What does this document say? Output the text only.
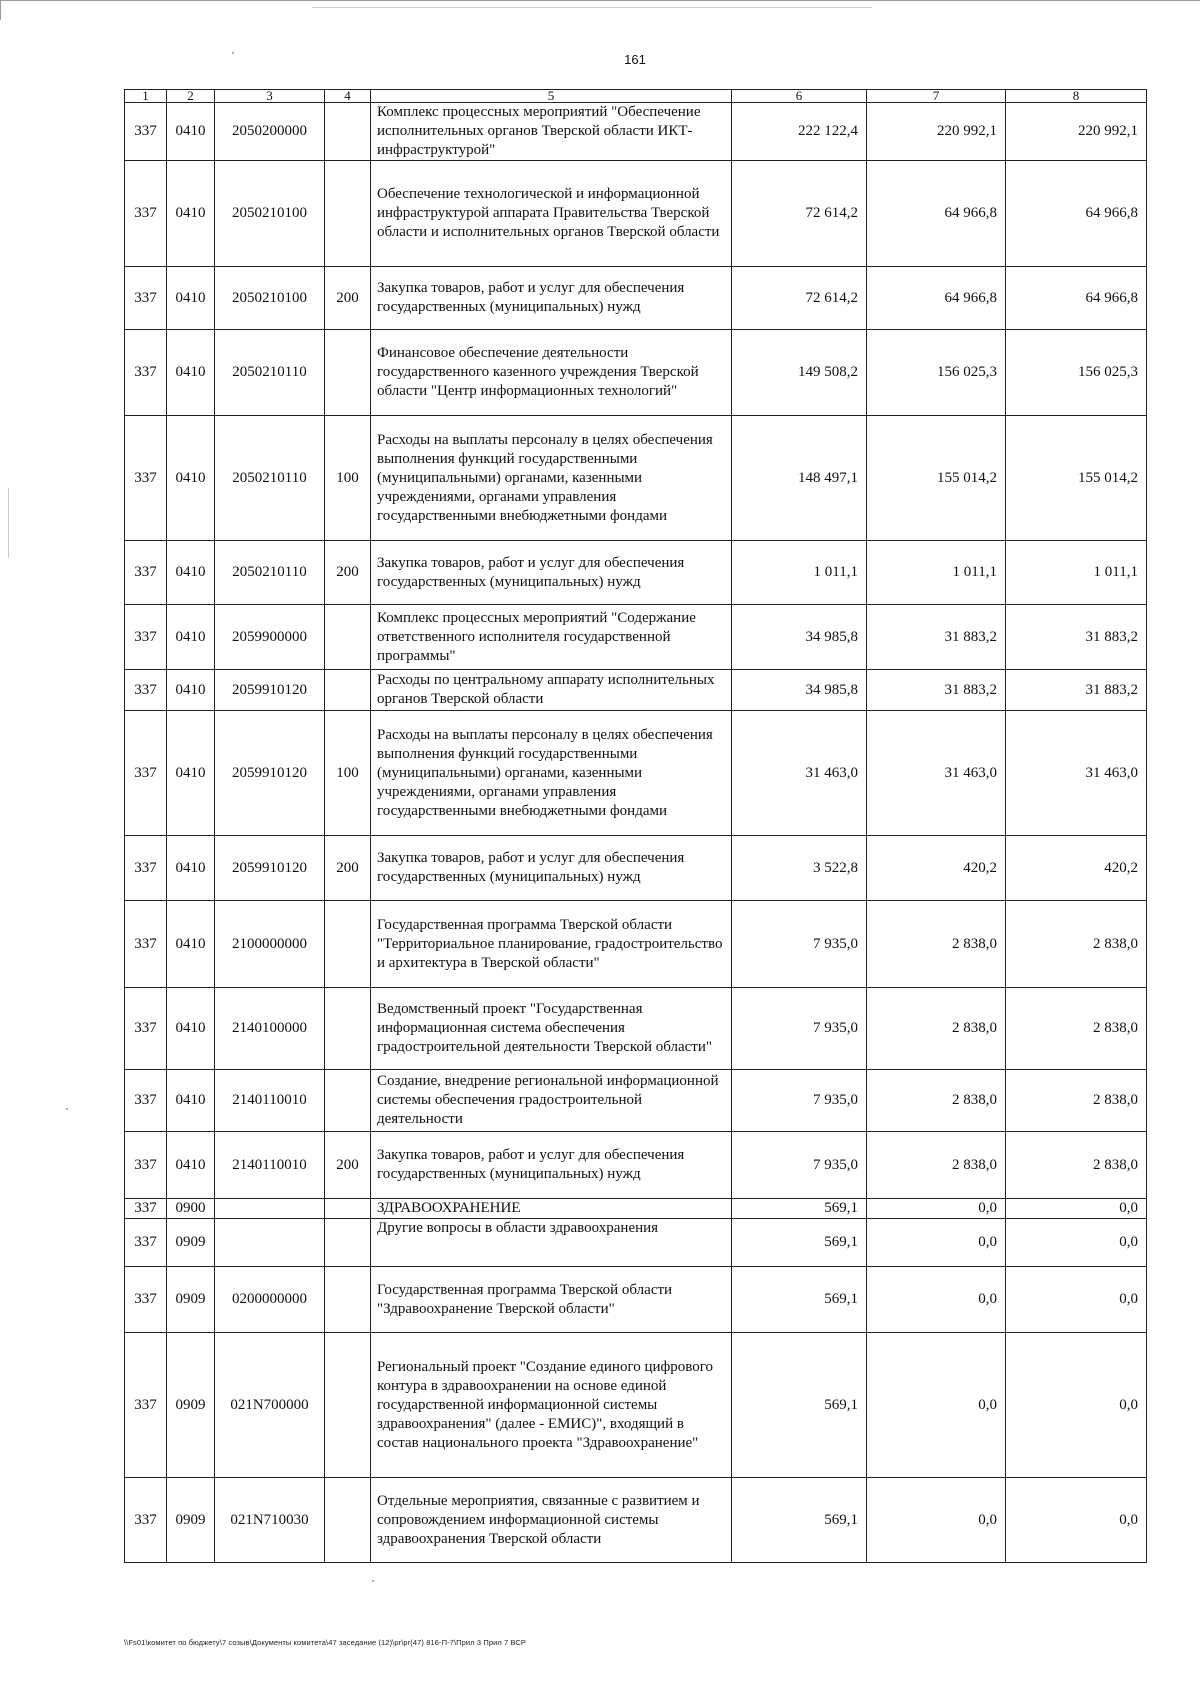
161
1	2	3	4	5	6	7	8
337	0410	2050200000		Комплекс процессных мероприятий "Обеспечение исполнительных органов Тверской области ИКТ-инфраструктурой"	222 122,4	220 992,1	220 992,1
337	0410	2050210100		Обеспечение технологической и информационной инфраструктурой аппарата Правительства Тверской области и исполнительных органов Тверской области	72 614,2	64 966,8	64 966,8
337	0410	2050210100	200	Закупка товаров, работ и услуг для обеспечения государственных (муниципальных) нужд	72 614,2	64 966,8	64 966,8
337	0410	2050210110		Финансовое обеспечение деятельности государственного казенного учреждения Тверской области "Центр информационных технологий"	149 508,2	156 025,3	156 025,3
337	0410	2050210110	100	Расходы на выплаты персоналу в целях обеспечения выполнения функций государственными (муниципальными) органами, казенными учреждениями, органами управления государственными внебюджетными фондами	148 497,1	155 014,2	155 014,2
337	0410	2050210110	200	Закупка товаров, работ и услуг для обеспечения государственных (муниципальных) нужд	1 011,1	1 011,1	1 011,1
337	0410	2059900000		Комплекс процессных мероприятий "Содержание ответственного исполнителя государственной программы"	34 985,8	31 883,2	31 883,2
337	0410	2059910120		Расходы по центральному аппарату исполнительных органов Тверской области	34 985,8	31 883,2	31 883,2
337	0410	2059910120	100	Расходы на выплаты персоналу в целях обеспечения выполнения функций государственными (муниципальными) органами, казенными учреждениями, органами управления государственными внебюджетными фондами	31 463,0	31 463,0	31 463,0
337	0410	2059910120	200	Закупка товаров, работ и услуг для обеспечения государственных (муниципальных) нужд	3 522,8	420,2	420,2
337	0410	2100000000		Государственная программа Тверской области "Территориальное планирование, градостроительство и архитектура в Тверской области"	7 935,0	2 838,0	2 838,0
337	0410	2140100000		Ведомственный проект "Государственная информационная система обеспечения градостроительной деятельности Тверской области"	7 935,0	2 838,0	2 838,0
337	0410	2140110010		Создание, внедрение региональной информационной системы обеспечения градостроительной деятельности	7 935,0	2 838,0	2 838,0
337	0410	2140110010	200	Закупка товаров, работ и услуг для обеспечения государственных (муниципальных) нужд	7 935,0	2 838,0	2 838,0
337	0900			ЗДРАВООХРАНЕНИЕ	569,1	0,0	0,0
337	0909			Другие вопросы в области здравоохранения	569,1	0,0	0,0
337	0909	0200000000		Государственная программа Тверской области "Здравоохранение Тверской области"	569,1	0,0	0,0
337	0909	021N700000		Региональный проект "Создание единого цифрового контура в здравоохранении на основе единой государственной информационной системы здравоохранения" (далее - ЕМИС)", входящий в состав национального проекта "Здравоохранение"	569,1	0,0	0,0
337	0909	021N710030		Отдельные мероприятия, связанные с развитием и сопровождением информационной системы здравоохранения Тверской области	569,1	0,0	0,0
\\Fs01\комитет по бюджету\7 созыв\Документы комитета\47 заседание (12)\pr\pr(47) 816-П-7\Прил 3 Прил 7 ВСР
